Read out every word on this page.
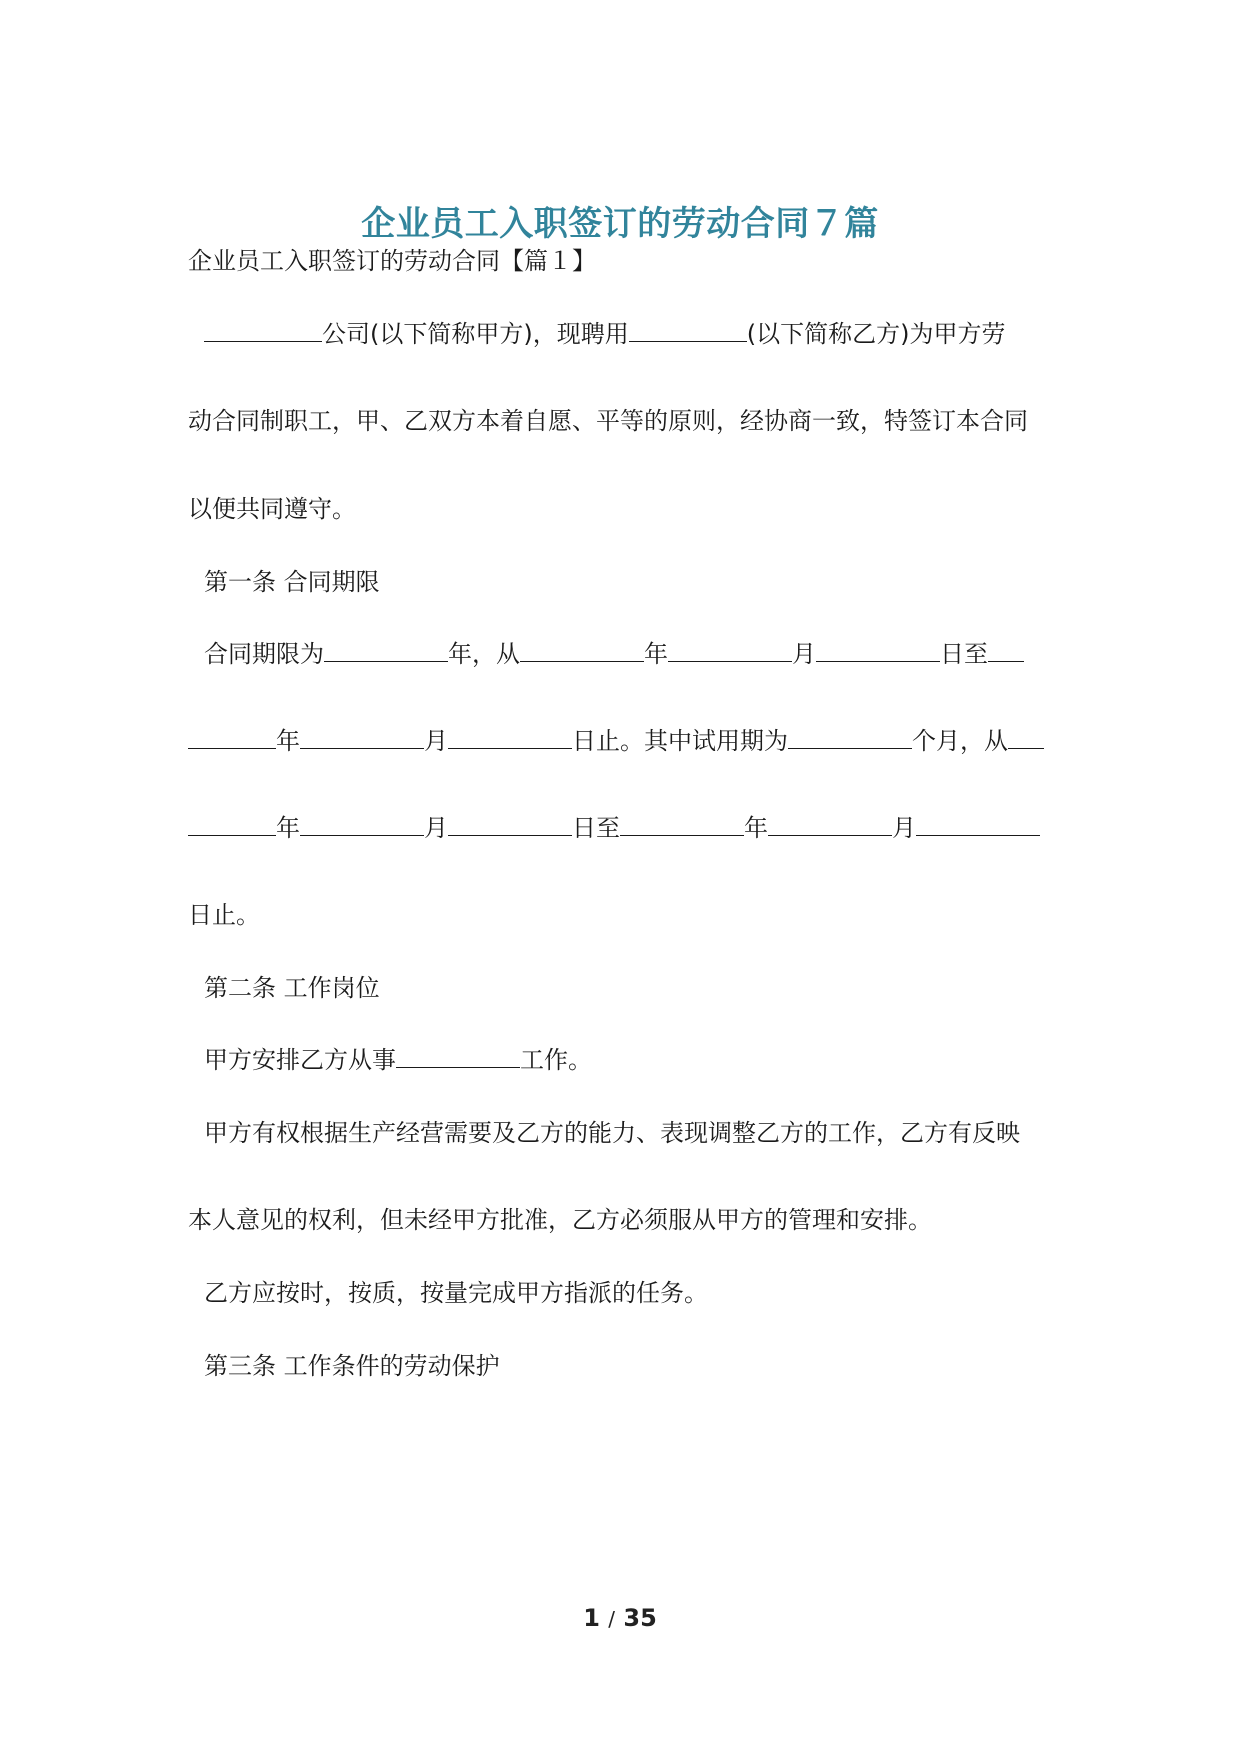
企业员工入职签订的劳动合同７篇
企业员工入职签订的劳动合同【篇１】
公司(以下简称甲方)，现聘用	(以下简称乙方)为甲方劳
动合同制职工，甲、乙双方本着自愿、平等的原则，经协商一致，特签订本合同
以便共同遵守。
第一条 合同期限
合同期限为	年，从	年	月	日至
年	月	日止。其中试用期为	个月，从
年	月	日至	年	月
日止。
第二条 工作岗位
甲方安排乙方从事	工作。
甲方有权根据生产经营需要及乙方的能力、表现调整乙方的工作，乙方有反映
本人意见的权利，但未经甲方批准，乙方必须服从甲方的管理和安排。
乙方应按时，按质，按量完成甲方指派的任务。
第三条 工作条件的劳动保护
1 / 35
